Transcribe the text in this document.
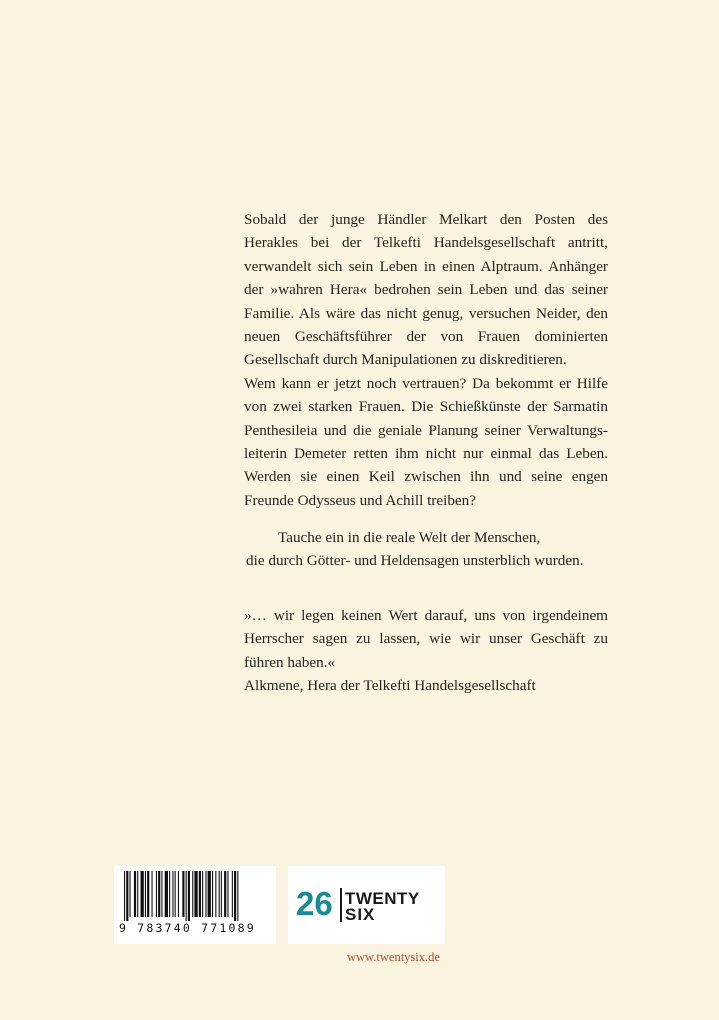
Sobald der junge Händler Melkart den Posten des
Herakles bei der Telkefti Handelsgesellschaft antritt,
verwandelt sich sein Leben in einen Alptraum. Anhänger
der »wahren Hera« bedrohen sein Leben und das seiner
Familie. Als wäre das nicht genug, versuchen Neider, den
neuen Geschäftsführer der von Frauen dominierten
Gesellschaft durch Manipulationen zu diskreditieren.
Wem kann er jetzt noch vertrauen? Da bekommt er Hilfe
von zwei starken Frauen. Die Schießkünste der Sarmatin
Penthesileia und die geniale Planung seiner Verwaltungs-
leiterin Demeter retten ihm nicht nur einmal das Leben.
Werden sie einen Keil zwischen ihn und seine engen
Freunde Odysseus und Achill treiben?
Tauche ein in die reale Welt der Menschen,
die durch Götter- und Heldensagen unsterblich wurden.
»… wir legen keinen Wert darauf, uns von irgendeinem
Herrscher sagen zu lassen, wie wir unser Geschäft zu
führen haben.«
Alkmene, Hera der Telkefti Handelsgesellschaft
9 783740 771089
26 TWENTY
SIX
www.twentysix.de
